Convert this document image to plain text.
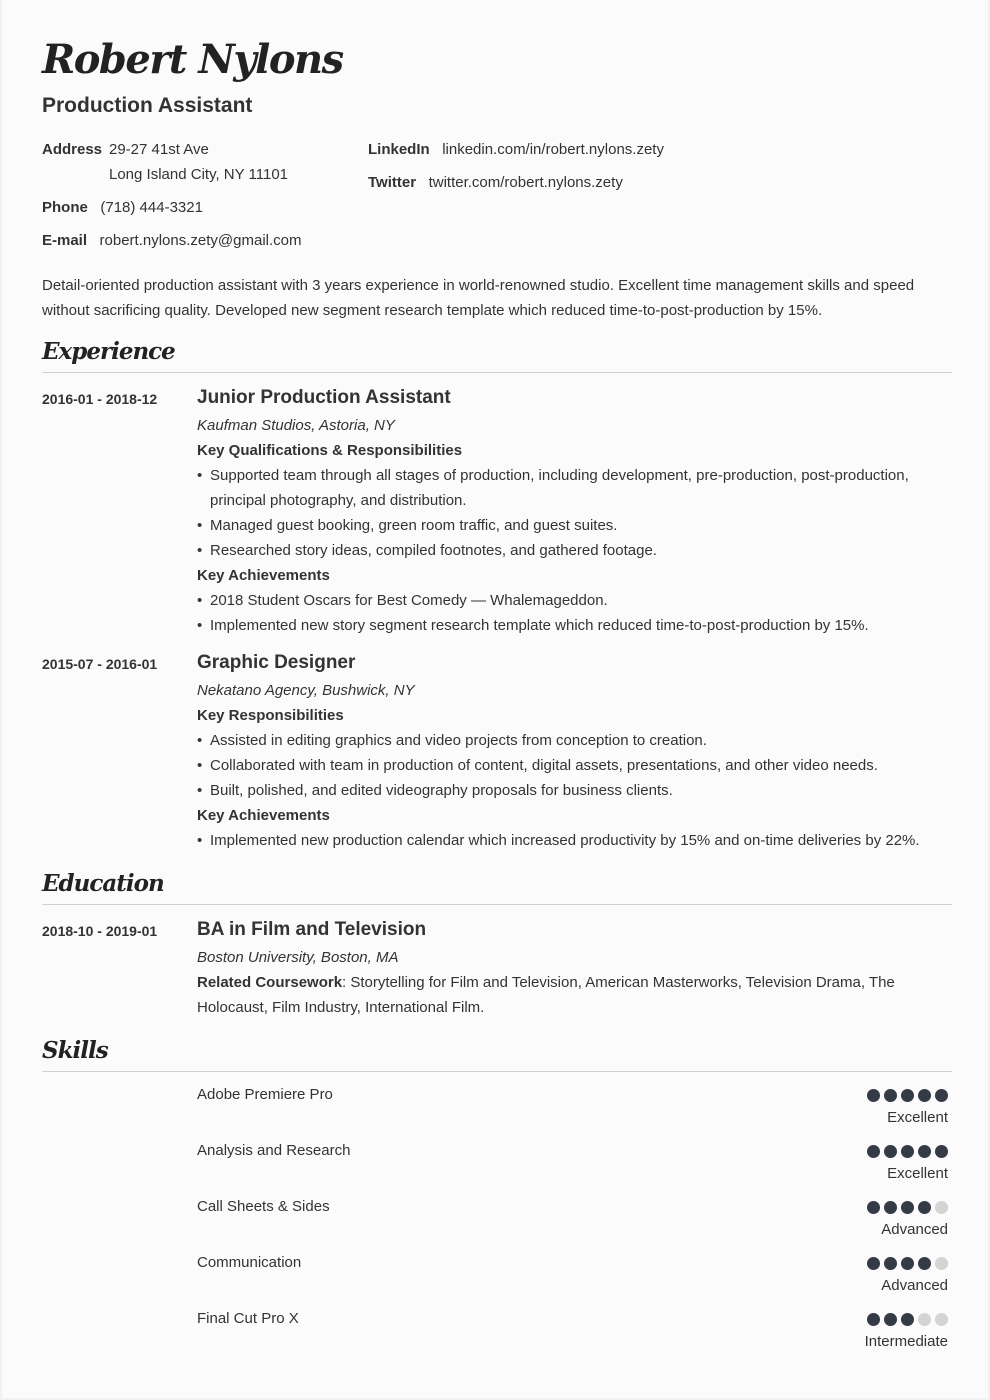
Robert Nylons
Production Assistant
Address 29-27 41st Ave
Long Island City, NY 11101
Phone (718) 444-3321
E-mail robert.nylons.zety@gmail.com
LinkedIn linkedin.com/in/robert.nylons.zety
Twitter twitter.com/robert.nylons.zety
Detail-oriented production assistant with 3 years experience in world-renowned studio. Excellent time management skills and speed without sacrificing quality. Developed new segment research template which reduced time-to-post-production by 15%.
Experience
2016-01 - 2018-12 Junior Production Assistant
Kaufman Studios, Astoria, NY
Key Qualifications & Responsibilities
• Supported team through all stages of production, including development, pre-production, post-production, principal photography, and distribution.
• Managed guest booking, green room traffic, and guest suites.
• Researched story ideas, compiled footnotes, and gathered footage.
Key Achievements
• 2018 Student Oscars for Best Comedy — Whalemageddon.
• Implemented new story segment research template which reduced time-to-post-production by 15%.
2015-07 - 2016-01 Graphic Designer
Nekatano Agency, Bushwick, NY
Key Responsibilities
• Assisted in editing graphics and video projects from conception to creation.
• Collaborated with team in production of content, digital assets, presentations, and other video needs.
• Built, polished, and edited videography proposals for business clients.
Key Achievements
• Implemented new production calendar which increased productivity by 15% and on-time deliveries by 22%.
Education
2018-10 - 2019-01 BA in Film and Television
Boston University, Boston, MA
Related Coursework: Storytelling for Film and Television, American Masterworks, Television Drama, The Holocaust, Film Industry, International Film.
Skills
Adobe Premiere Pro
Excellent
Analysis and Research
Excellent
Call Sheets & Sides
Advanced
Communication
Advanced
Final Cut Pro X
Intermediate
